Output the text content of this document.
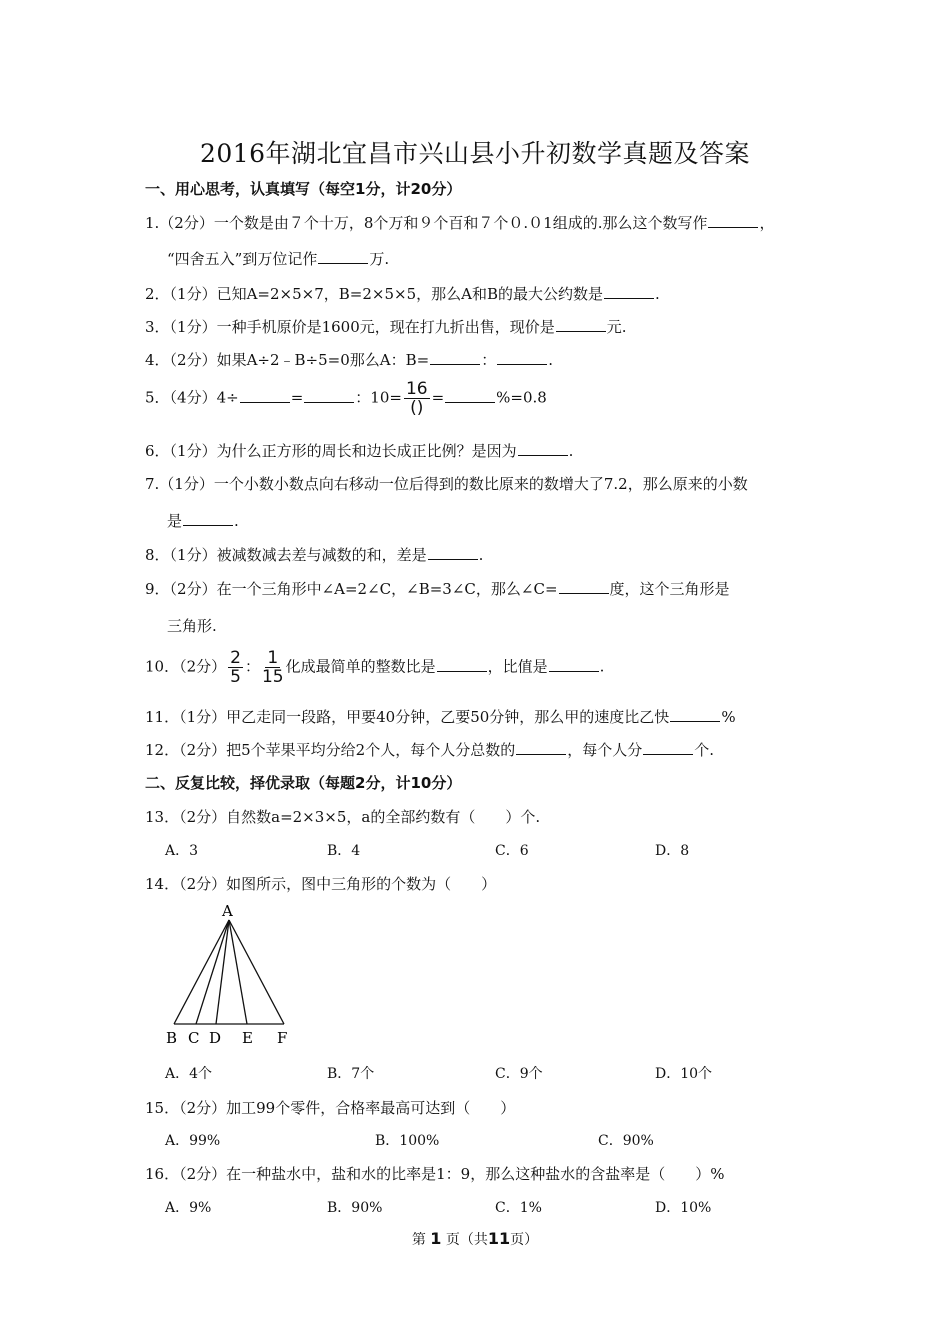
2016年湖北宜昌市兴山县小升初数学真题及答案
一、用心思考，认真填写（每空1分，计20分）
1.（2分）一个数是由７个十万，8个万和９个百和７个０.０1组成的.那么这个数写作	，
“四舍五入”到万位记作	万.
2．（1分）已知A=2×5×7，B=2×5×5，那么A和B的最大公约数是	.
3．（1分）一种手机原价是1600元，现在打九折出售，现价是	元.
4．（2分）如果A÷2﹣B÷5=0那么A：B=	：	.
5．（4分）4÷	=	：$10= \frac{16}{()}$ =	%=0.8
6．（1分）为什么正方形的周长和边长成正比例？是因为	.
7.（1分）一个小数小数点向右移动一位后得到的数比原来的数增大了7.2，那么原来的小数
是	.
8．（1分）被减数减去差与减数的和，差是	.
9．（2分）在一个三角形中∠A=2∠C，∠B=3∠C，那么∠C=	度，这个三角形是
三角形.
10．（2分） $\frac{2}{5}$ ： $\frac{1}{15}$ 化成最简单的整数比是	，比值是	.
11．（1分）甲乙走同一段路，甲要40分钟，乙要50分钟，那么甲的速度比乙快	%
12．（2分）把5个苹果平均分给2个人，每个人分总数的	，每个人分	个.
二、反复比较，择优录取（每题2分，计10分）
13．（2分）自然数a=2×3×5，a的全部约数有（　　）个.
A．3	B．4	C．6	D．8
14．（2分）如图所示，图中三角形的个数为（　　）
A
B C D E F
A．4个	B．7个	C．9个	D．10个
15．（2分）加工99个零件，合格率最高可达到（　　）
A．99%	B．100%	C．90%
16．（2分）在一种盐水中，盐和水的比率是1：9，那么这种盐水的含盐率是（　　）%
A．9%	B．90%	C．1%	D．10%
第 1 页（共11页）
